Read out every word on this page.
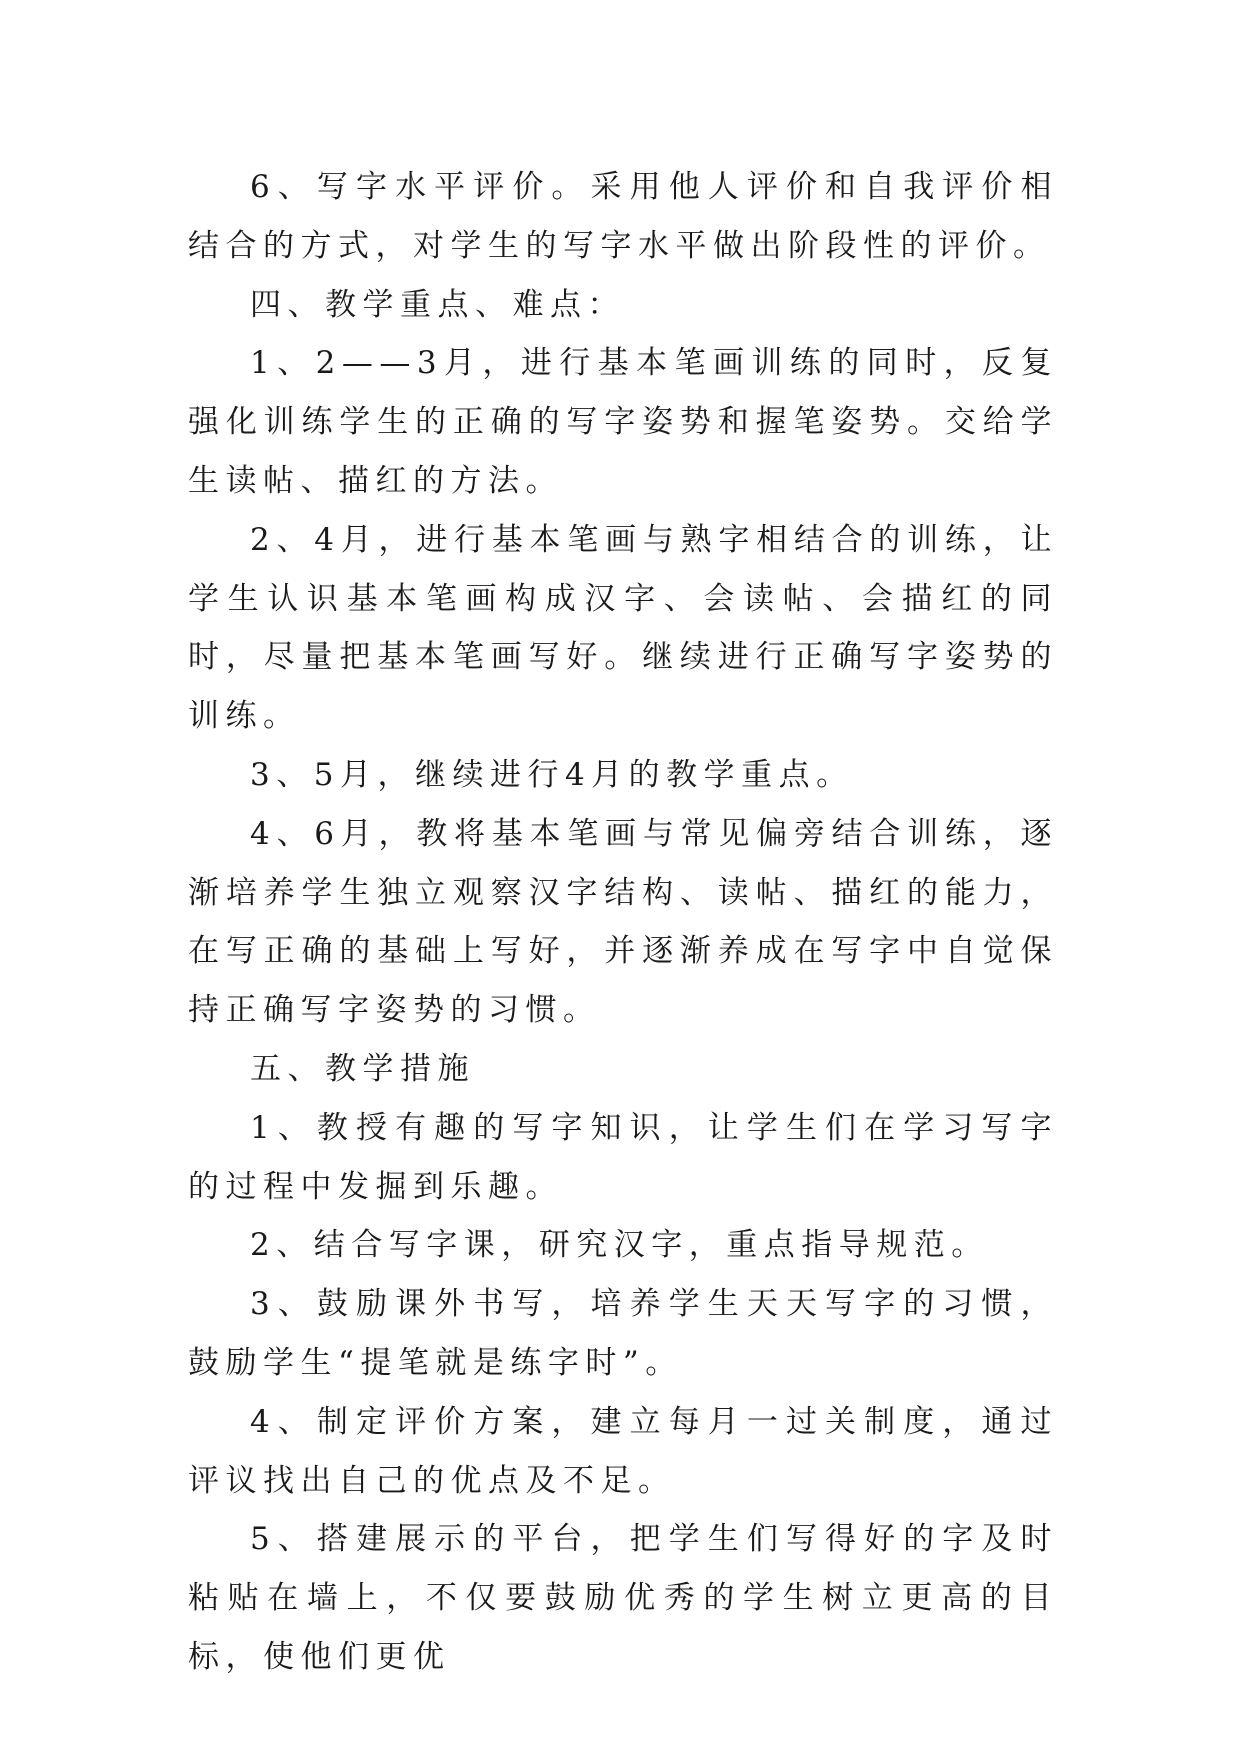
6、写字水平评价。采用他人评价和自我评价相结合的方式，对学生的写字水平做出阶段性的评价。

四、教学重点、难点：

1、2——3月，进行基本笔画训练的同时，反复强化训练学生的正确的写字姿势和握笔姿势。交给学生读帖、描红的方法。

2、4月，进行基本笔画与熟字相结合的训练，让学生认识基本笔画构成汉字、会读帖、会描红的同时，尽量把基本笔画写好。继续进行正确写字姿势的训练。

3、5月，继续进行4月的教学重点。

4、6月，教将基本笔画与常见偏旁结合训练，逐渐培养学生独立观察汉字结构、读帖、描红的能力，在写正确的基础上写好，并逐渐养成在写字中自觉保持正确写字姿势的习惯。

五、教学措施

1、教授有趣的写字知识，让学生们在学习写字的过程中发掘到乐趣。

2、结合写字课，研究汉字，重点指导规范。

3、鼓励课外书写，培养学生天天写字的习惯，鼓励学生“提笔就是练字时”。

4、制定评价方案，建立每月一过关制度，通过评议找出自己的优点及不足。

5、搭建展示的平台，把学生们写得好的字及时粘贴在墙上，不仅要鼓励优秀的学生树立更高的目标，使他们更优
